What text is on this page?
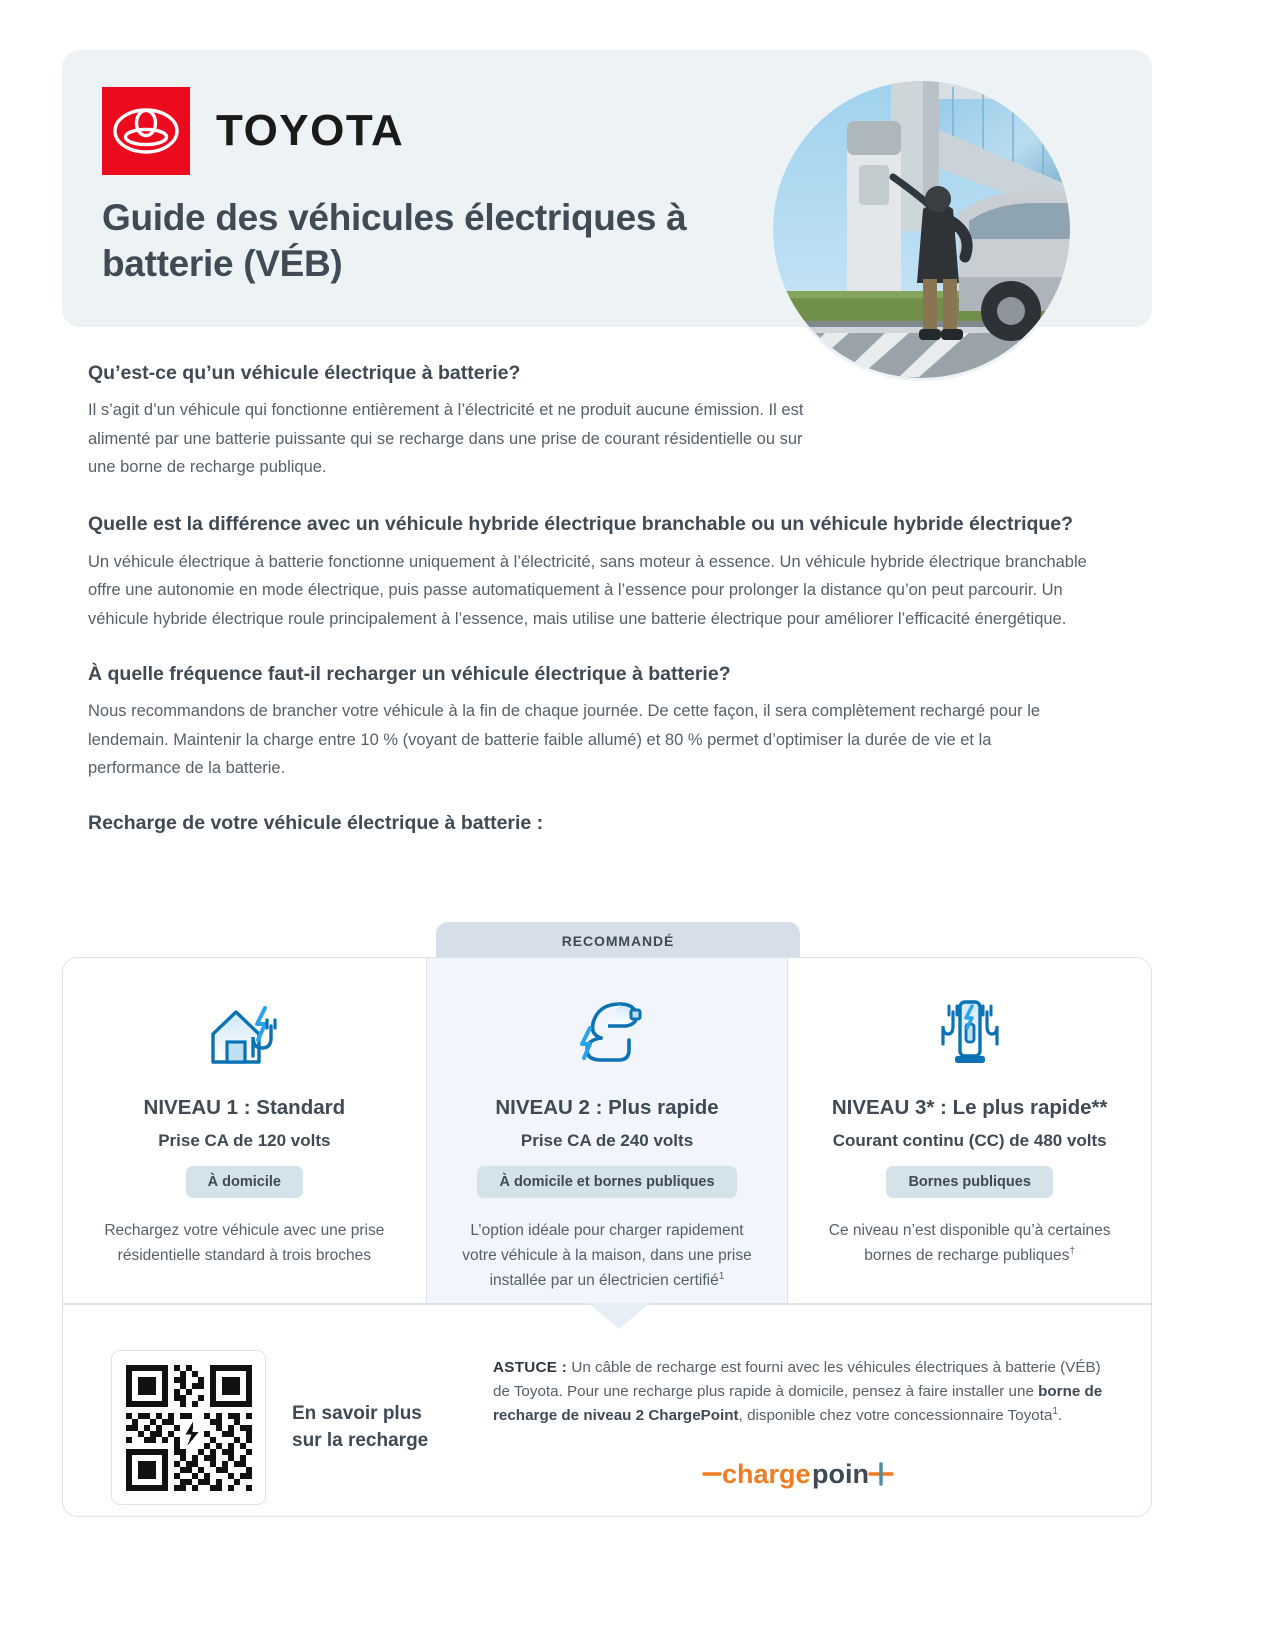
TOYOTA
Guide des véhicules électriques à batterie (VÉB)
Qu’est-ce qu’un véhicule électrique à batterie?
Il s’agit d’un véhicule qui fonctionne entièrement à l’électricité et ne produit aucune émission. Il est alimenté par une batterie puissante qui se recharge dans une prise de courant résidentielle ou sur une borne de recharge publique.
Quelle est la différence avec un véhicule hybride électrique branchable ou un véhicule hybride électrique?
Un véhicule électrique à batterie fonctionne uniquement à l’électricité, sans moteur à essence. Un véhicule hybride électrique branchable offre une autonomie en mode électrique, puis passe automatiquement à l’essence pour prolonger la distance qu’on peut parcourir. Un véhicule hybride électrique roule principalement à l’essence, mais utilise une batterie électrique pour améliorer l’efficacité énergétique.
À quelle fréquence faut-il recharger un véhicule électrique à batterie?
Nous recommandons de brancher votre véhicule à la fin de chaque journée. De cette façon, il sera complètement rechargé pour le lendemain. Maintenir la charge entre 10 % (voyant de batterie faible allumé) et 80 % permet d’optimiser la durée de vie et la performance de la batterie.
Recharge de votre véhicule électrique à batterie :
RECOMMANDÉ
NIVEAU 1 : Standard
Prise CA de 120 volts
À domicile
Rechargez votre véhicule avec une prise résidentielle standard à trois broches
NIVEAU 2 : Plus rapide
Prise CA de 240 volts
À domicile et bornes publiques
L’option idéale pour charger rapidement votre véhicule à la maison, dans une prise installée par un électricien certifié$^1$
NIVEAU 3* : Le plus rapide**
Courant continu (CC) de 480 volts
Bornes publiques
Ce niveau n’est disponible qu’à certaines bornes de recharge publiques†
En savoir plus
sur la recharge
ASTUCE : Un câble de recharge est fourni avec les véhicules électriques à batterie (VÉB) de Toyota. Pour une recharge plus rapide à domicile, pensez à faire installer une borne de recharge de niveau 2 ChargePoint, disponible chez votre concessionnaire Toyota$^1$.
charge poin
